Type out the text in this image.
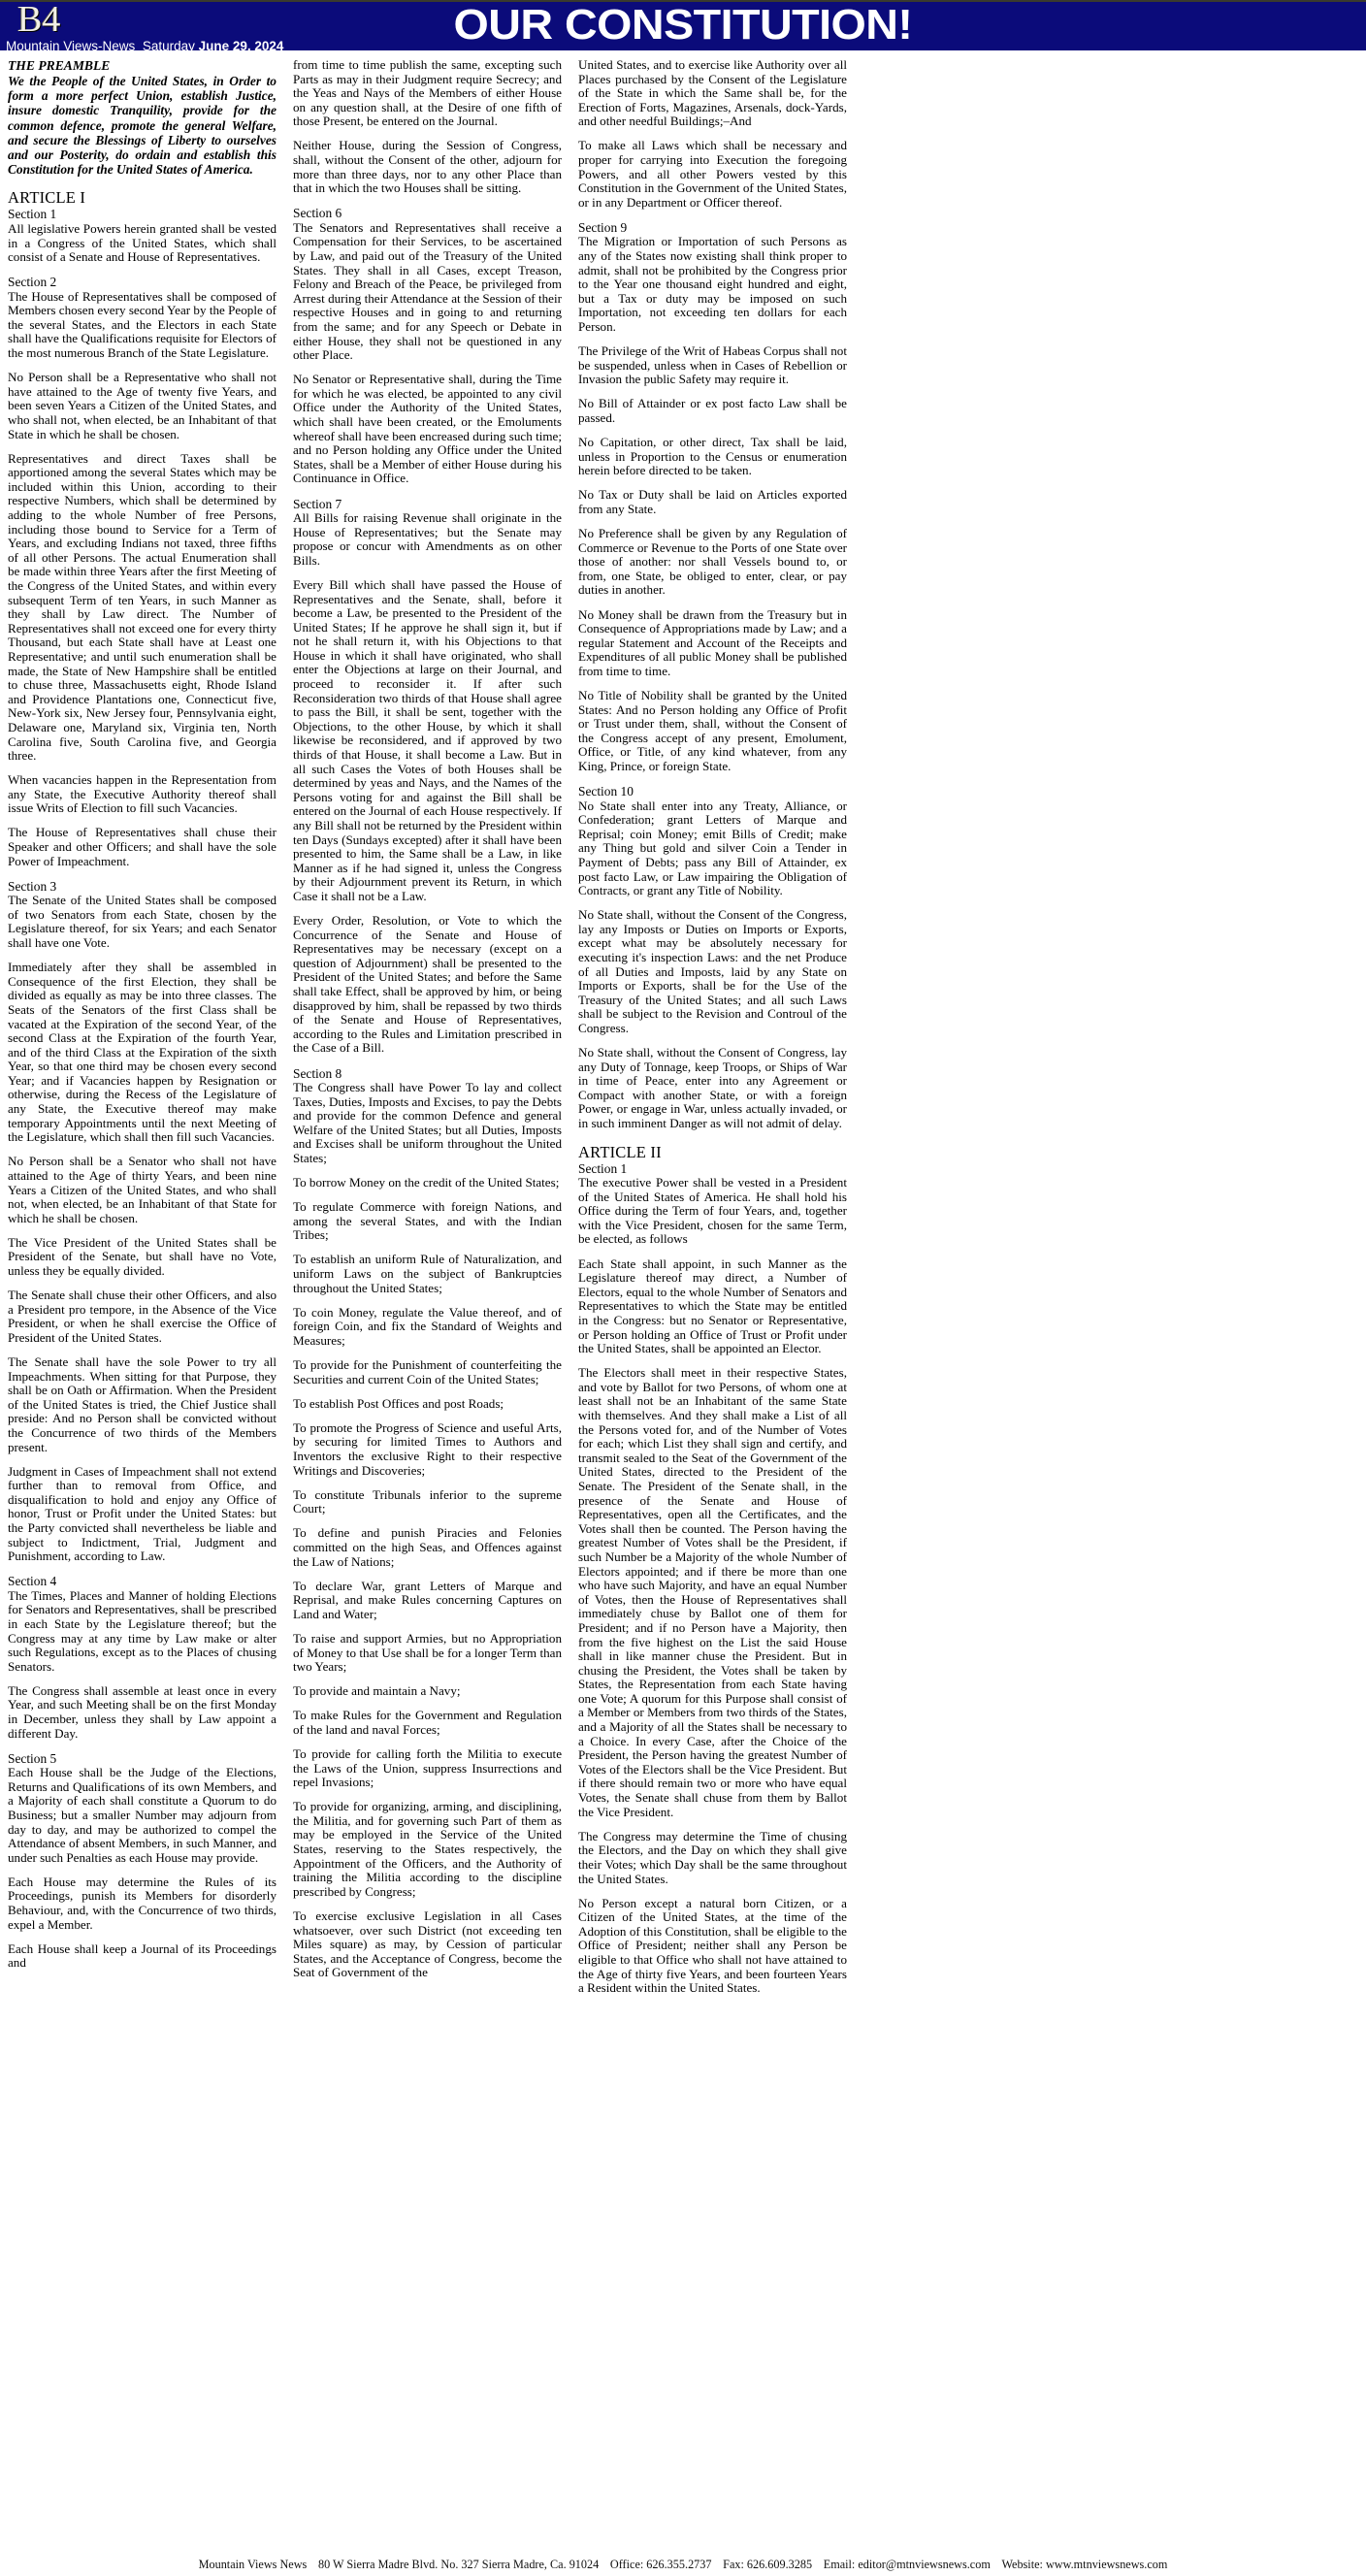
B4
Mountain Views-News Saturday June 29, 2024	OUR CONSTITUTION!
THE PREAMBLE

We the People of the United States, in Order to form a more perfect Union, establish Justice, insure domestic Tranquility, provide for the common defence, promote the general Welfare, and secure the Blessings of Liberty to ourselves and our Posterity, do ordain and establish this Constitution for the United States of America.

ARTICLE I
Section 1

All legislative Powers herein granted shall be vested in a Congress of the United States, which shall consist of a Senate and House of Representatives.

Section 2

The House of Representatives shall be composed of Members chosen every second Year by the People of the several States, and the Electors in each State shall have the Qualifications requisite for Electors of the most numerous Branch of the State Legislature.

No Person shall be a Representative who shall not have attained to the Age of twenty five Years, and been seven Years a Citizen of the United States, and who shall not, when elected, be an Inhabitant of that State in which he shall be chosen.

Representatives and direct Taxes shall be apportioned among the several States which may be included within this Union, according to their respective Numbers, which shall be determined by adding to the whole Number of free Persons, including those bound to Service for a Term of Years, and excluding Indians not taxed, three fifths of all other Persons. The actual Enumeration shall be made within three Years after the first Meeting of the Congress of the United States, and within every subsequent Term of ten Years, in such Manner as they shall by Law direct. The Number of Representatives shall not exceed one for every thirty Thousand, but each State shall have at Least one Representative; and until such enumeration shall be made, the State of New Hampshire shall be entitled to chuse three, Massachusetts eight, Rhode Island and Providence Plantations one, Connecticut five, New-York six, New Jersey four, Pennsylvania eight, Delaware one, Maryland six, Virginia ten, North Carolina five, South Carolina five, and Georgia three.

When vacancies happen in the Representation from any State, the Executive Authority thereof shall issue Writs of Election to fill such Vacancies.

The House of Representatives shall chuse their Speaker and other Officers; and shall have the sole Power of Impeachment.

Section 3

The Senate of the United States shall be composed of two Senators from each State, chosen by the Legislature thereof, for six Years; and each Senator shall have one Vote.

Immediately after they shall be assembled in Consequence of the first Election, they shall be divided as equally as may be into three classes. The Seats of the Senators of the first Class shall be vacated at the Expiration of the second Year, of the second Class at the Expiration of the fourth Year, and of the third Class at the Expiration of the sixth Year, so that one third may be chosen every second Year; and if Vacancies happen by Resignation or otherwise, during the Recess of the Legislature of any State, the Executive thereof may make temporary Appointments until the next Meeting of the Legislature, which shall then fill such Vacancies.

No Person shall be a Senator who shall not have attained to the Age of thirty Years, and been nine Years a Citizen of the United States, and who shall not, when elected, be an Inhabitant of that State for which he shall be chosen.

The Vice President of the United States shall be President of the Senate, but shall have no Vote, unless they be equally divided.

The Senate shall chuse their other Officers, and also a President pro tempore, in the Absence of the Vice President, or when he shall exercise the Office of President of the United States.

The Senate shall have the sole Power to try all Impeachments. When sitting for that Purpose, they shall be on Oath or Affirmation. When the President of the United States is tried, the Chief Justice shall preside: And no Person shall be convicted without the Concurrence of two thirds of the Members present.

Judgment in Cases of Impeachment shall not extend further than to removal from Office, and disqualification to hold and enjoy any Office of honor, Trust or Profit under the United States: but the Party convicted shall nevertheless be liable and subject to Indictment, Trial, Judgment and Punishment, according to Law.

Section 4

The Times, Places and Manner of holding Elections for Senators and Representatives, shall be prescribed in each State by the Legislature thereof; but the Congress may at any time by Law make or alter such Regulations, except as to the Places of chusing Senators.

The Congress shall assemble at least once in every Year, and such Meeting shall be on the first Monday in December, unless they shall by Law appoint a different Day.

Section 5

Each House shall be the Judge of the Elections, Returns and Qualifications of its own Members, and a Majority of each shall constitute a Quorum to do Business; but a smaller Number may adjourn from day to day, and may be authorized to compel the Attendance of absent Members, in such Manner, and under such Penalties as each House may provide.

Each House may determine the Rules of its Proceedings, punish its Members for disorderly Behaviour, and, with the Concurrence of two thirds, expel a Member.

Each House shall keep a Journal of its Proceedings and

from time to time publish the same, excepting such Parts as may in their Judgment require Secrecy; and the Yeas and Nays of the Members of either House on any question shall, at the Desire of one fifth of those Present, be entered on the Journal.

Neither House, during the Session of Congress, shall, without the Consent of the other, adjourn for more than three days, nor to any other Place than that in which the two Houses shall be sitting.

Section 6

The Senators and Representatives shall receive a Compensation for their Services, to be ascertained by Law, and paid out of the Treasury of the United States. They shall in all Cases, except Treason, Felony and Breach of the Peace, be privileged from Arrest during their Attendance at the Session of their respective Houses and in going to and returning from the same; and for any Speech or Debate in either House, they shall not be questioned in any other Place.

No Senator or Representative shall, during the Time for which he was elected, be appointed to any civil Office under the Authority of the United States, which shall have been created, or the Emoluments whereof shall have been encreased during such time; and no Person holding any Office under the United States, shall be a Member of either House during his Continuance in Office.

Section 7

All Bills for raising Revenue shall originate in the House of Representatives; but the Senate may propose or concur with Amendments as on other Bills.

Every Bill which shall have passed the House of Representatives and the Senate, shall, before it become a Law, be presented to the President of the United States; If he approve he shall sign it, but if not he shall return it, with his Objections to that House in which it shall have originated, who shall enter the Objections at large on their Journal, and proceed to reconsider it. If after such Reconsideration two thirds of that House shall agree to pass the Bill, it shall be sent, together with the Objections, to the other House, by which it shall likewise be reconsidered, and if approved by two thirds of that House, it shall become a Law. But in all such Cases the Votes of both Houses shall be determined by yeas and Nays, and the Names of the Persons voting for and against the Bill shall be entered on the Journal of each House respectively. If any Bill shall not be returned by the President within ten Days (Sundays excepted) after it shall have been presented to him, the Same shall be a Law, in like Manner as if he had signed it, unless the Congress by their Adjournment prevent its Return, in which Case it shall not be a Law.

Every Order, Resolution, or Vote to which the Concurrence of the Senate and House of Representatives may be necessary (except on a question of Adjournment) shall be presented to the President of the United States; and before the Same shall take Effect, shall be approved by him, or being disapproved by him, shall be repassed by two thirds of the Senate and House of Representatives, according to the Rules and Limitation prescribed in the Case of a Bill.

Section 8

The Congress shall have Power To lay and collect Taxes, Duties, Imposts and Excises, to pay the Debts and provide for the common Defence and general Welfare of the United States; but all Duties, Imposts and Excises shall be uniform throughout the United States;

To borrow Money on the credit of the United States;

To regulate Commerce with foreign Nations, and among the several States, and with the Indian Tribes;

To establish an uniform Rule of Naturalization, and uniform Laws on the subject of Bankruptcies throughout the United States;

To coin Money, regulate the Value thereof, and of foreign Coin, and fix the Standard of Weights and Measures;

To provide for the Punishment of counterfeiting the Securities and current Coin of the United States;

To establish Post Offices and post Roads;

To promote the Progress of Science and useful Arts, by securing for limited Times to Authors and Inventors the exclusive Right to their respective Writings and Discoveries;

To constitute Tribunals inferior to the supreme Court;

To define and punish Piracies and Felonies committed on the high Seas, and Offences against the Law of Nations;

To declare War, grant Letters of Marque and Reprisal, and make Rules concerning Captures on Land and Water;

To raise and support Armies, but no Appropriation of Money to that Use shall be for a longer Term than two Years;

To provide and maintain a Navy;

To make Rules for the Government and Regulation of the land and naval Forces;

To provide for calling forth the Militia to execute the Laws of the Union, suppress Insurrections and repel Invasions;

To provide for organizing, arming, and disciplining, the Militia, and for governing such Part of them as may be employed in the Service of the United States, reserving to the States respectively, the Appointment of the Officers, and the Authority of training the Militia according to the discipline prescribed by Congress;

To exercise exclusive Legislation in all Cases whatsoever, over such District (not exceeding ten Miles square) as may, by Cession of particular States, and the Acceptance of Congress, become the Seat of Government of the

United States, and to exercise like Authority over all Places purchased by the Consent of the Legislature of the State in which the Same shall be, for the Erection of Forts, Magazines, Arsenals, dock-Yards, and other needful Buildings;–And

To make all Laws which shall be necessary and proper for carrying into Execution the foregoing Powers, and all other Powers vested by this Constitution in the Government of the United States, or in any Department or Officer thereof.

Section 9

The Migration or Importation of such Persons as any of the States now existing shall think proper to admit, shall not be prohibited by the Congress prior to the Year one thousand eight hundred and eight, but a Tax or duty may be imposed on such Importation, not exceeding ten dollars for each Person.

The Privilege of the Writ of Habeas Corpus shall not be suspended, unless when in Cases of Rebellion or Invasion the public Safety may require it.

No Bill of Attainder or ex post facto Law shall be passed.

No Capitation, or other direct, Tax shall be laid, unless in Proportion to the Census or enumeration herein before directed to be taken.

No Tax or Duty shall be laid on Articles exported from any State.

No Preference shall be given by any Regulation of Commerce or Revenue to the Ports of one State over those of another: nor shall Vessels bound to, or from, one State, be obliged to enter, clear, or pay duties in another.

No Money shall be drawn from the Treasury but in Consequence of Appropriations made by Law; and a regular Statement and Account of the Receipts and Expenditures of all public Money shall be published from time to time.

No Title of Nobility shall be granted by the United States: And no Person holding any Office of Profit or Trust under them, shall, without the Consent of the Congress accept of any present, Emolument, Office, or Title, of any kind whatever, from any King, Prince, or foreign State.

Section 10

No State shall enter into any Treaty, Alliance, or Confederation; grant Letters of Marque and Reprisal; coin Money; emit Bills of Credit; make any Thing but gold and silver Coin a Tender in Payment of Debts; pass any Bill of Attainder, ex post facto Law, or Law impairing the Obligation of Contracts, or grant any Title of Nobility.

No State shall, without the Consent of the Congress, lay any Imposts or Duties on Imports or Exports, except what may be absolutely necessary for executing it's inspection Laws: and the net Produce of all Duties and Imposts, laid by any State on Imports or Exports, shall be for the Use of the Treasury of the United States; and all such Laws shall be subject to the Revision and Controul of the Congress.

No State shall, without the Consent of Congress, lay any Duty of Tonnage, keep Troops, or Ships of War in time of Peace, enter into any Agreement or Compact with another State, or with a foreign Power, or engage in War, unless actually invaded, or in such imminent Danger as will not admit of delay.

ARTICLE II
Section 1

The executive Power shall be vested in a President of the United States of America. He shall hold his Office during the Term of four Years, and, together with the Vice President, chosen for the same Term, be elected, as follows

Each State shall appoint, in such Manner as the Legislature thereof may direct, a Number of Electors, equal to the whole Number of Senators and Representatives to which the State may be entitled in the Congress: but no Senator or Representative, or Person holding an Office of Trust or Profit under the United States, shall be appointed an Elector.

The Electors shall meet in their respective States, and vote by Ballot for two Persons, of whom one at least shall not be an Inhabitant of the same State with themselves. And they shall make a List of all the Persons voted for, and of the Number of Votes for each; which List they shall sign and certify, and transmit sealed to the Seat of the Government of the United States, directed to the President of the Senate. The President of the Senate shall, in the presence of the Senate and House of Representatives, open all the Certificates, and the Votes shall then be counted. The Person having the greatest Number of Votes shall be the President, if such Number be a Majority of the whole Number of Electors appointed; and if there be more than one who have such Majority, and have an equal Number of Votes, then the House of Representatives shall immediately chuse by Ballot one of them for President; and if no Person have a Majority, then from the five highest on the List the said House shall in like manner chuse the President. But in chusing the President, the Votes shall be taken by States, the Representation from each State having one Vote; A quorum for this Purpose shall consist of a Member or Members from two thirds of the States, and a Majority of all the States shall be necessary to a Choice. In every Case, after the Choice of the President, the Person having the greatest Number of Votes of the Electors shall be the Vice President. But if there should remain two or more who have equal Votes, the Senate shall chuse from them by Ballot the Vice President.

The Congress may determine the Time of chusing the Electors, and the Day on which they shall give their Votes; which Day shall be the same throughout the United States.

No Person except a natural born Citizen, or a Citizen of the United States, at the time of the Adoption of this Constitution, shall be eligible to the Office of President; neither shall any Person be eligible to that Office who shall not have attained to the Age of thirty five Years, and been fourteen Years a Resident within the United States.

Mountain Views News 80 W Sierra Madre Blvd. No. 327 Sierra Madre, Ca. 91024 Office: 626.355.2737 Fax: 626.609.3285 Email: editor@mtnviewsnews.com Website: www.mtnviewsnews.com
